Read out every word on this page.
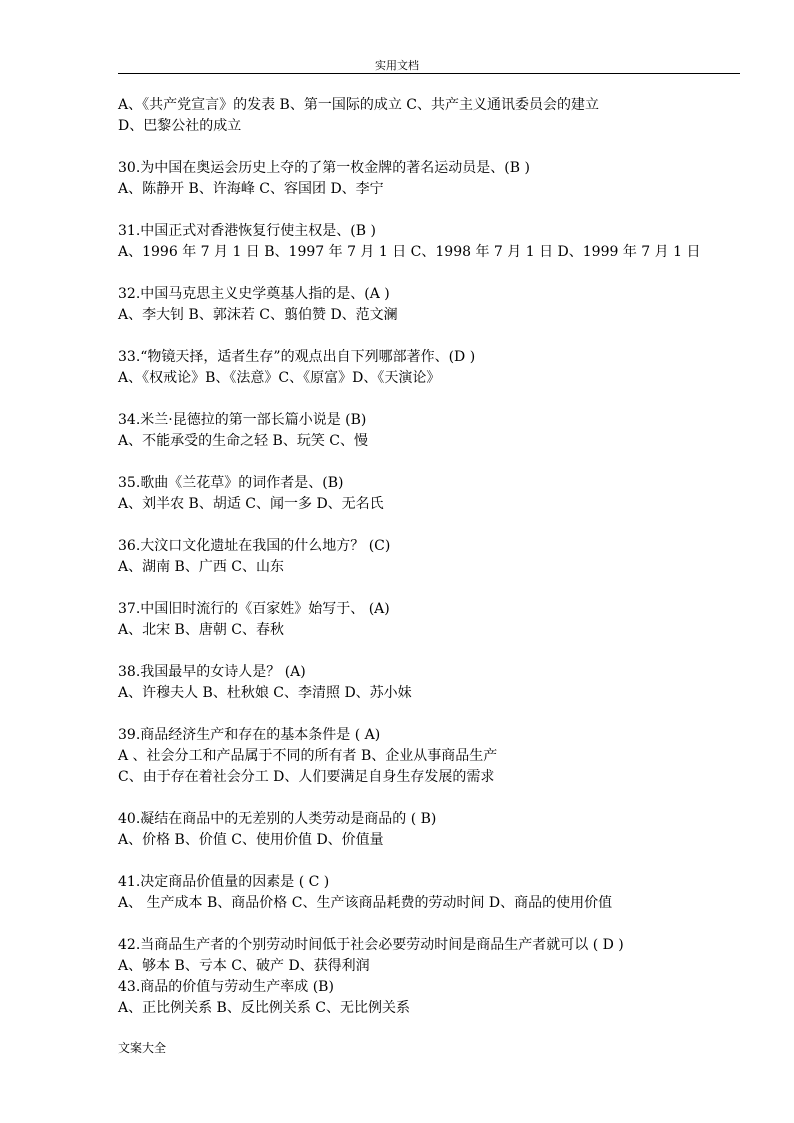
实用文档
A、《共产党宣言》的发表 B、第一国际的成立 C、共产主义通讯委员会的建立
D、巴黎公社的成立
30.为中国在奥运会历史上夺的了第一枚金牌的著名运动员是、(B )
A、陈静开 B、许海峰 C、容国团 D、李宁
31.中国正式对香港恢复行使主权是、(B )
A、1996 年 7 月 1 日 B、1997 年 7 月 1 日 C、1998 年 7 月 1 日 D、1999 年 7 月 1 日
32.中国马克思主义史学奠基人指的是、(A )
A、李大钊 B、郭沫若 C、翦伯赞 D、范文澜
33.“物镜天择，适者生存”的观点出自下列哪部著作、(D )
A、《权戒论》B、《法意》C、《原富》D、《天演论》
34.米兰·昆德拉的第一部长篇小说是 (B)
A、不能承受的生命之轻 B、玩笑 C、慢
35.歌曲《兰花草》的词作者是、(B)
A、刘半农 B、胡适 C、闻一多 D、无名氏
36.大汶口文化遗址在我国的什么地方？ (C)
A、湖南 B、广西 C、山东
37.中国旧时流行的《百家姓》始写于、 (A)
A、北宋 B、唐朝 C、春秋
38.我国最早的女诗人是？ (A)
A、许穆夫人 B、杜秋娘 C、李清照 D、苏小妹
39.商品经济生产和存在的基本条件是 ( A)
A 、社会分工和产品属于不同的所有者 B、企业从事商品生产
C、由于存在着社会分工 D、人们要满足自身生存发展的需求
40.凝结在商品中的无差别的人类劳动是商品的 ( B)
A、价格 B、价值 C、使用价值 D、价值量
41.决定商品价值量的因素是 ( C )
A、 生产成本 B、商品价格 C、生产该商品耗费的劳动时间 D、商品的使用价值
42.当商品生产者的个别劳动时间低于社会必要劳动时间是商品生产者就可以 ( D )
A、够本 B、亏本 C、破产 D、获得利润
43.商品的价值与劳动生产率成 (B)
A、正比例关系 B、反比例关系 C、无比例关系
文案大全
